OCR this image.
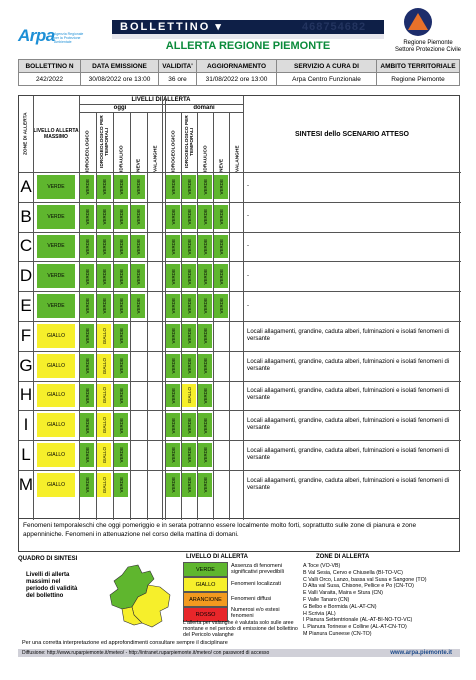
Arpa Agenzia Regionale per la Protezione Ambientale
BOLLETTINO ▾	468754682
ALLERTA REGIONE PIEMONTE	Regione Piemonte
Settore Protezione Civile
BOLLETTINO N	DATA EMISSIONE	VALIDITA'	AGGIORNAMENTO	SERVIZIO A CURA DI	AMBITO TERRITORIALE
242/2022	30/08/2022 ore 13:00	36 ore	31/08/2022 ore 13:00	Arpa Centro Funzionale	Regione Piemonte
ZONE DI ALLERTA LIVELLO ALLERTA MASSIMO
LIVELLI DI ALLERTA
oggi	domani
SINTESI dello SCENARIO ATTESO
IDROGEOLOGICO	IDROGEOLOGICO
IDROGEOLOGICO PER TEMPORALI	IDROGEOLOGICO PER TEMPORALI
IDRAULICO	IDRAULICO
NEVE	NEVE
VALANGHE	VALANGHE
A	VERDE	VERDE	VERDE	VERDE	VERDE	VERDE VERDE VERDE VERDE	-
B	VERDE	VERDE	VERDE	VERDE	VERDE	VERDE VERDE VERDE VERDE	-
C	VERDE	VERDE	VERDE	VERDE	VERDE	VERDE VERDE VERDE VERDE	-
D	VERDE	VERDE	VERDE	VERDE	VERDE	VERDE VERDE VERDE VERDE	-
E	VERDE	VERDE	VERDE	VERDE	VERDE	VERDE VERDE VERDE VERDE	-
F	GIALLO	VERDE	GIALLO	VERDE	VERDE VERDE VERDE	Locali allagamenti, grandine, caduta alberi, fulminazioni e isolati fenomeni di versante
G	GIALLO	VERDE	GIALLO	VERDE	VERDE VERDE VERDE	Locali allagamenti, grandine, caduta alberi, fulminazioni e isolati fenomeni di versante
H	GIALLO	VERDE	GIALLO	VERDE	VERDE GIALLO VERDE	Locali allagamenti, grandine, caduta alberi, fulminazioni e isolati fenomeni di versante
I	GIALLO	VERDE	GIALLO	VERDE	VERDE VERDE VERDE	Locali allagamenti, grandine, caduta alberi, fulminazioni e isolati fenomeni di versante
L	GIALLO	VERDE	GIALLO	VERDE	VERDE VERDE VERDE	Locali allagamenti, grandine, caduta alberi, fulminazioni e isolati fenomeni di versante
M	GIALLO	VERDE	GIALLO	VERDE	VERDE VERDE VERDE	Locali allagamenti, grandine, caduta alberi, fulminazioni e isolati fenomeni di versante
Fenomeni temporaleschi che oggi pomeriggio e in serata potranno essere localmente molto forti, soprattutto sulle zone di pianura e zone appenniniche. Fenomeni in attenuazione nel corso della mattina di domani.
QUADRO DI SINTESI
Livelli di allerta massimi nel periodo di validità del bollettino
LIVELLO DI ALLERTA
VERDE
Assenza di fenomeni significativi prevedibili
GIALLO	Fenomeni localizzati
ARANCIONE	Fenomeni diffusi
ROSSO
Numerosi e/o estesi fenomeni
L'allerta per valanghe è valutata solo sulle aree montane e nel periodo di emissione del bollettino del Pericolo valanghe
ZONE DI ALLERTA
A Toce (VO-VB)
B Val Sesia, Cervo e Chiusella (BI-TO-VC)
C Valli Orco, Lanzo, bassa val Susa e Sangone (TO)
D Alta val Susa, Chisone, Pellice e Po (CN-TO)
E Valli Varaita, Maira e Stura (CN)
F Valle Tanaro (CN)
G Belbo e Bormida (AL-AT-CN)
H Scrivia (AL)
I Pianura Settentrionale (AL-AT-BI-NO-TO-VC)
L Pianura Torinese e Colline (AL-AT-CN-TO)
M Pianura Cuneese (CN-TO)
Per una corretta interpretazione ed approfondimenti consultare sempre il disciplinare
Diffusione: http://www.ruparpiemonte.it/meteo/ - http://intranet.ruparpiemonte.it/meteo/ con password di accesso	www.arpa.piemonte.it
